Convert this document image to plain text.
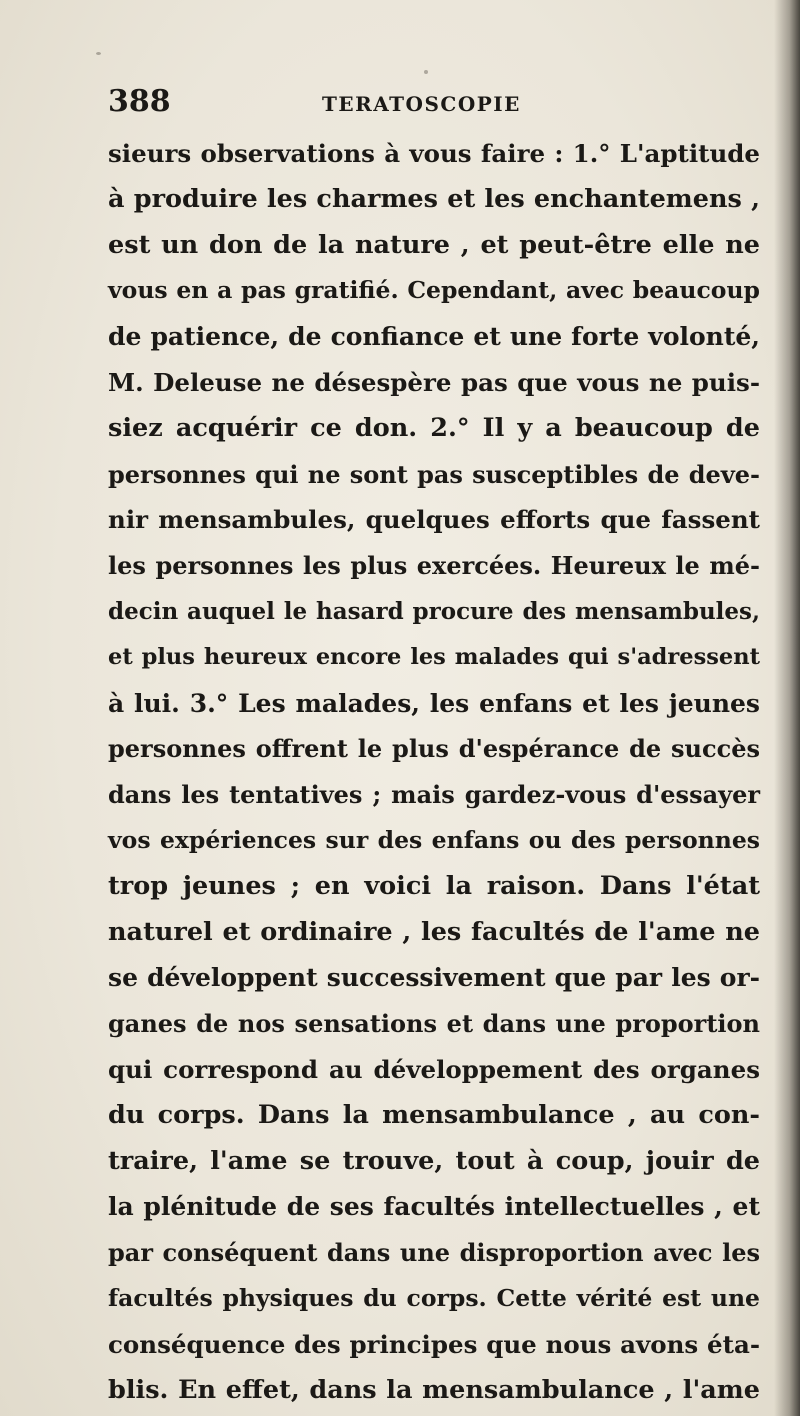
388	TERATOSCOPIE
sieurs observations à vous faire : 1.° L'aptitude
à produire les charmes et les enchantemens ,
est un don de la nature , et peut-être elle ne
vous en a pas gratifié. Cependant, avec beaucoup
de patience, de confiance et une forte volonté,
M. Deleuse ne désespère pas que vous ne puis-
siez acquérir ce don. 2.° Il y a beaucoup de
personnes qui ne sont pas susceptibles de deve-
nir mensambules, quelques efforts que fassent
les personnes les plus exercées. Heureux le mé-
decin auquel le hasard procure des mensambules,
et plus heureux encore les malades qui s'adressent
à lui. 3.° Les malades, les enfans et les jeunes
personnes offrent le plus d'espérance de succès
dans les tentatives ; mais gardez-vous d'essayer
vos expériences sur des enfans ou des personnes
trop jeunes ; en voici la raison. Dans l'état
naturel et ordinaire , les facultés de l'ame ne
se développent successivement que par les or-
ganes de nos sensations et dans une proportion
qui correspond au développement des organes
du corps. Dans la mensambulance , au con-
traire, l'ame se trouve, tout à coup, jouir de
la plénitude de ses facultés intellectuelles , et
par conséquent dans une disproportion avec les
facultés physiques du corps. Cette vérité est une
conséquence des principes que nous avons éta-
blis. En effet, dans la mensambulance , l'ame
